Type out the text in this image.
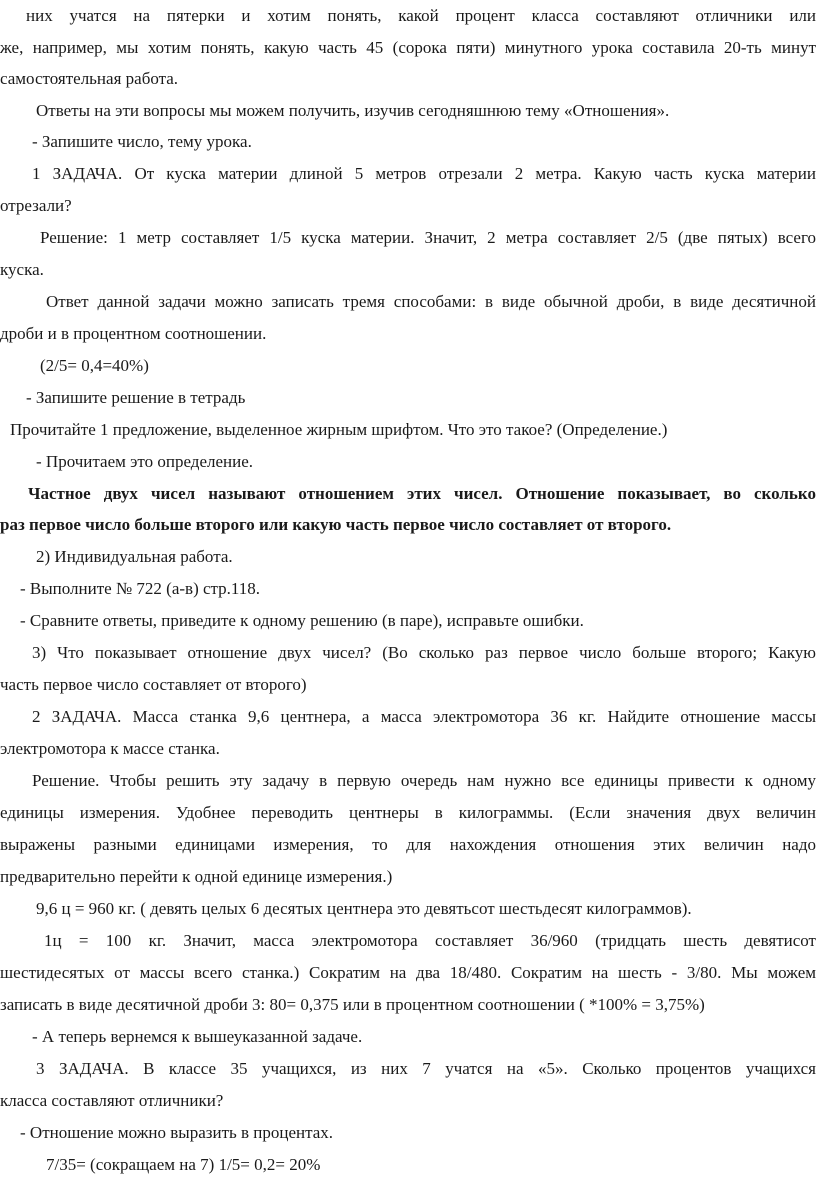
них учатся на пятерки и хотим понять, какой процент класса составляют отличники или

же, например, мы хотим понять, какую часть 45 (сорока пяти) минутного урока составила 20-ть минут

самостоятельная работа.

Ответы на эти вопросы мы можем получить, изучив сегодняшнюю тему «Отношения».

- Запишите число, тему урока.

1 ЗАДАЧА. От куска материи длиной 5 метров отрезали 2 метра. Какую часть куска материи

отрезали?

Решение: 1 метр составляет 1/5 куска материи. Значит, 2 метра составляет 2/5 (две пятых) всего

куска.

Ответ данной задачи можно записать тремя способами: в виде обычной дроби, в виде десятичной

дроби и в процентном соотношении.

(2/5= 0,4=40%)

- Запишите решение в тетрадь

Прочитайте 1 предложение, выделенное жирным шрифтом. Что это такое? (Определение.)

- Прочитаем это определение.

Частное двух чисел называют отношением этих чисел. Отношение показывает, во сколько

раз первое число больше второго или какую часть первое число составляет от второго.

2) Индивидуальная работа.

- Выполните № 722 (а-в) стр.118.

- Сравните ответы, приведите к одному решению (в паре), исправьте ошибки.

3) Что показывает отношение двух чисел? (Во сколько раз первое число больше второго; Какую

часть первое число составляет от второго)

2 ЗАДАЧА. Масса станка 9,6 центнера, а масса электромотора 36 кг. Найдите отношение массы

электромотора к массе станка.

Решение. Чтобы решить эту задачу в первую очередь нам нужно все единицы привести к одному

единицы измерения. Удобнее переводить центнеры в килограммы. (Если значения двух величин

выражены разными единицами измерения, то для нахождения отношения этих величин надо

предварительно перейти к одной единице измерения.)

9,6 ц = 960 кг. ( девять целых 6 десятых центнера это девятьсот шестьдесят килограммов).

1ц = 100 кг. Значит, масса электромотора составляет 36/960 (тридцать шесть девятисот

шестидесятых от массы всего станка.) Сократим на два 18/480. Сократим на шесть - 3/80. Мы можем

записать в виде десятичной дроби 3: 80= 0,375 или в процентном соотношении ( *100% = 3,75%)

- А теперь вернемся к вышеуказанной задаче.

3 ЗАДАЧА. В классе 35 учащихся, из них 7 учатся на «5». Сколько процентов учащихся

класса составляют отличники?

- Отношение можно выразить в процентах.

7/35= (сокращаем на 7) 1/5= 0,2= 20%
